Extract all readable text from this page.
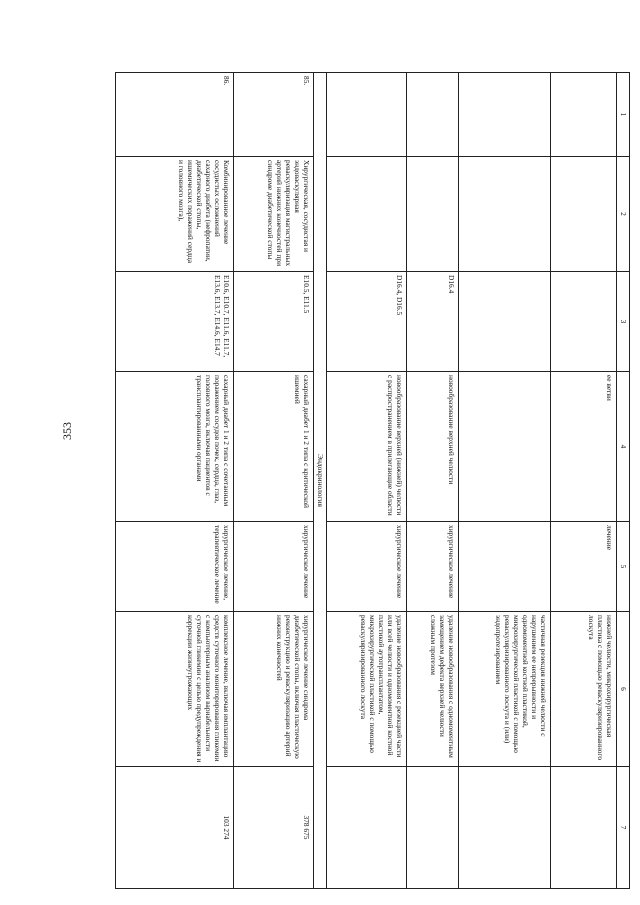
353
1	2	3	4	5	6	7
			ее ветви	лечение	нижней челюсти, микрохирургическая пластика с помощью реваскуляризированного лоскута	
					частичная резекция нижней челюсти с нарушением ее непрерывности и одномоментной костной пластикой, микрохирургической пластикой с помощью реваскуляризированного лоскута и (или) эндопротезированием	
		D16.4	новообразование верхней челюсти	хирургическое лечение	удаление новообразования с одномоментным замещением дефекта верхней челюсти сложным протезом	
		D16.4, D16.5	новообразование верхней (нижней) челюсти с распространением в прилегающие области	хирургическое лечение	удаление новообразования с резекцией части или всей челюсти и одномоментной костной пластикой аутотрансплантатом, микрохирургической пластикой с помощью реваскуляризированного лоскута	
Эндокринология						
85.	Хирургическая, сосудистая и эндоваскулярная реваскуляризация магистральных артерий нижних конечностей при синдроме диабетической стопы	E10.5, E11.5	сахарный диабет 1 и 2 типа с критической ишемией	хирургическое лечение	хирургическое лечение синдрома диабетической стопы, включая пластическую реконструкцию и реваскуляризацию артерий нижних конечностей	378 675
86.	Комбинированное лечение сосудистых осложнений сахарного диабета (нефропатии, диабетической стопы, ишемических поражений сердца и головного мозга),	E10.6, E10.7, E11.6, E11.7, E13.6, E13.7, E14.6, E14.7	сахарный диабет 1 и 2 типа с сочетанным поражением сосудов почек, сердца, глаз, головного мозга, включая пациентов с трансплантированными органами	хирургическое лечение, терапевтическое лечение	комплексное лечение, включая имплантацию средств суточного мониторирования гликемии с компьютерным анализом вариабельности суточной гликемии с целью предупреждения и коррекции жизнеугрожающих	103 274
